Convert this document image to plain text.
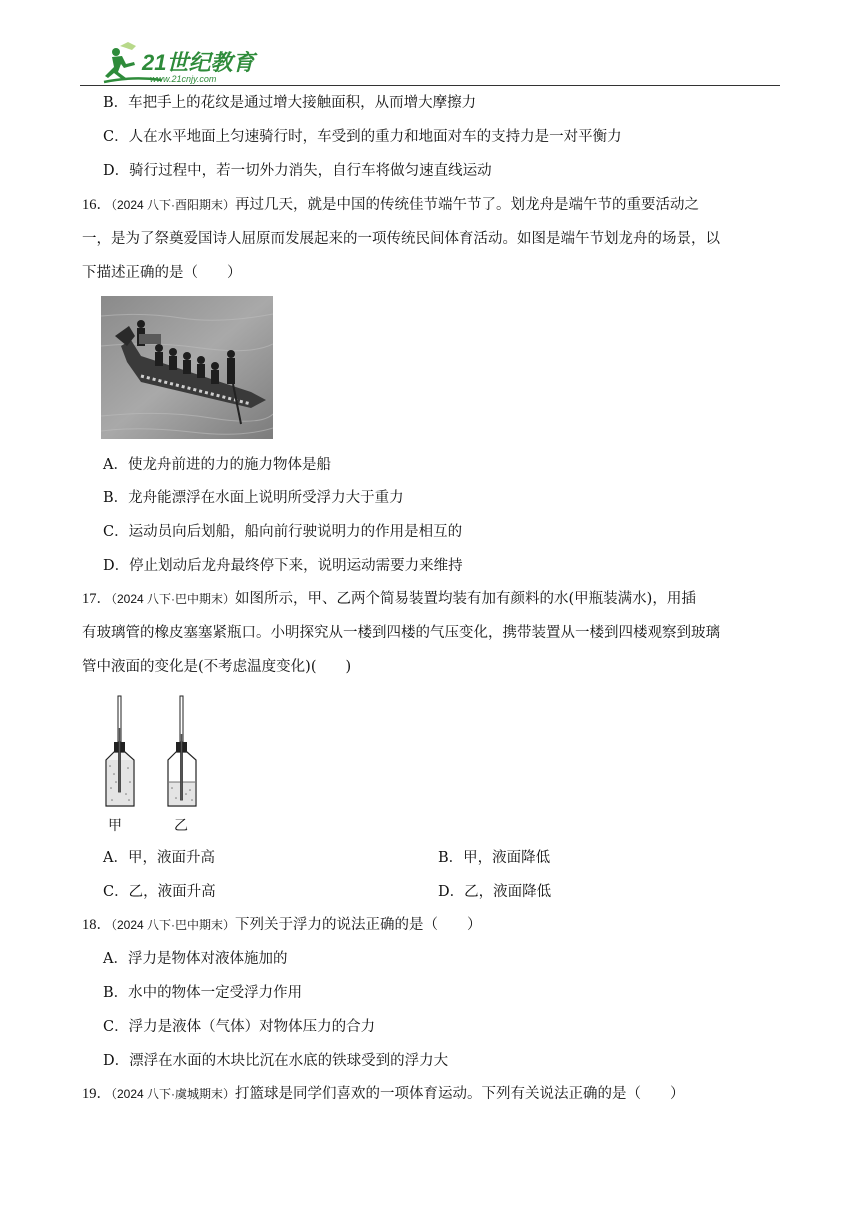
21世纪教育
www.21cnjy.com
B．车把手上的花纹是通过增大接触面积，从而增大摩擦力
C．人在水平地面上匀速骑行时，车受到的重力和地面对车的支持力是一对平衡力
D．骑行过程中，若一切外力消失，自行车将做匀速直线运动
16．（2024 八下·酉阳期末）再过几天，就是中国的传统佳节端午节了。划龙舟是端午节的重要活动之
一，是为了祭奠爱国诗人屈原而发展起来的一项传统民间体育活动。如图是端午节划龙舟的场景，以
下描述正确的是（　　）
A．使龙舟前进的力的施力物体是船
B．龙舟能漂浮在水面上说明所受浮力大于重力
C．运动员向后划船，船向前行驶说明力的作用是相互的
D．停止划动后龙舟最终停下来，说明运动需要力来维持
17．（2024 八下·巴中期末）如图所示，甲、乙两个简易装置均装有加有颜料的水(甲瓶装满水)，用插
有玻璃管的橡皮塞塞紧瓶口。小明探究从一楼到四楼的气压变化，携带装置从一楼到四楼观察到玻璃
管中液面的变化是(不考虑温度变化)(　　)
甲	乙
A．甲，液面升高	B．甲，液面降低
C．乙，液面升高	D．乙，液面降低
18．（2024 八下·巴中期末）下列关于浮力的说法正确的是（　　）
A．浮力是物体对液体施加的
B．水中的物体一定受浮力作用
C．浮力是液体（气体）对物体压力的合力
D．漂浮在水面的木块比沉在水底的铁球受到的浮力大
19．（2024 八下·虞城期末）打篮球是同学们喜欢的一项体育运动。下列有关说法正确的是（　　）
